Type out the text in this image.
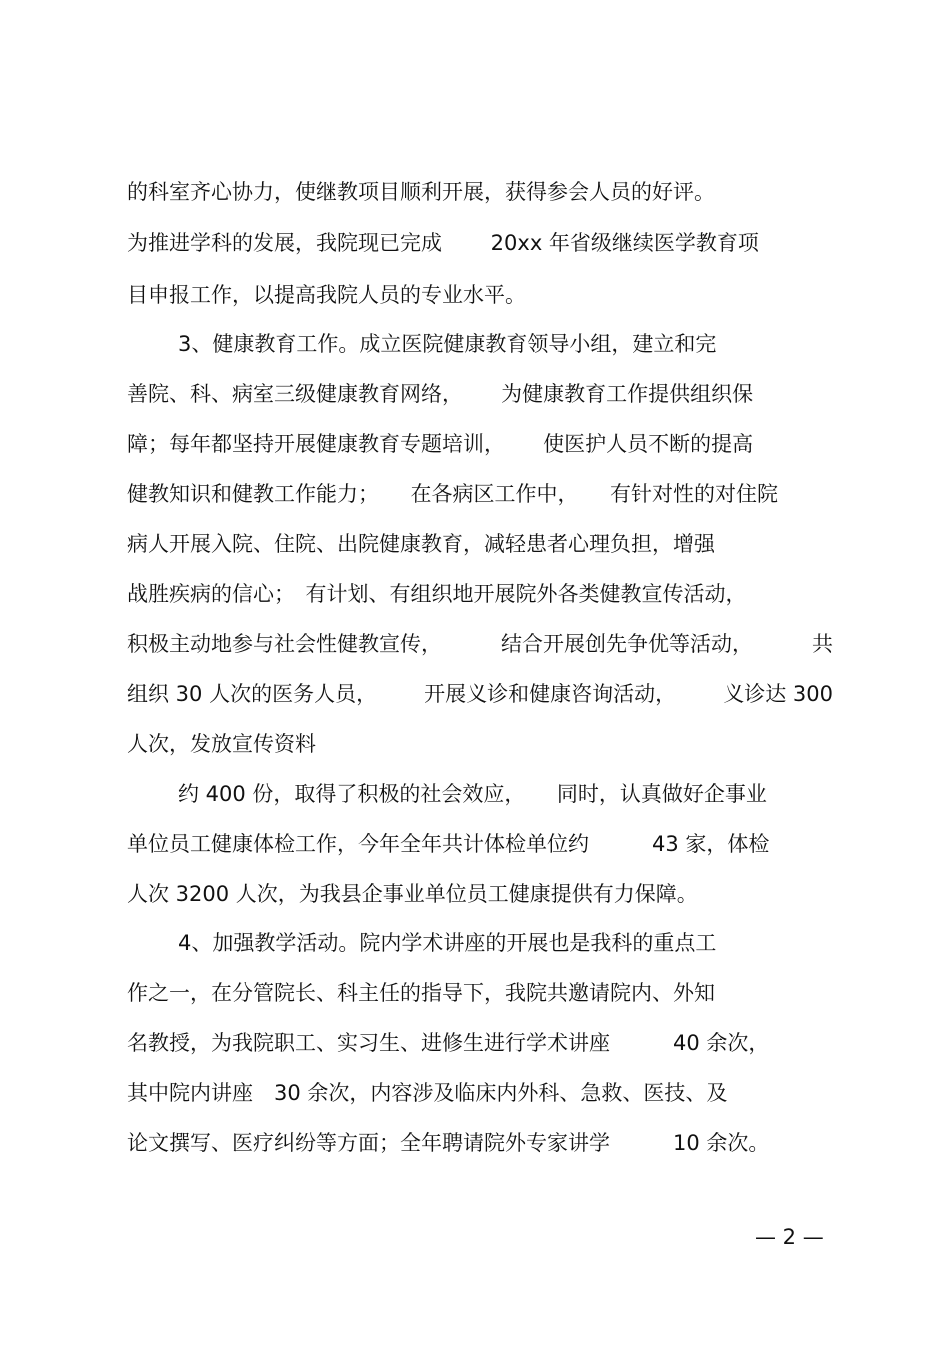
的科室齐心协力，使继教项目顺利开展，获得参会人员的好评。
为推进学科的发展，我院现已完成　　 20xx 年省级继续医学教育项
目申报工作，以提高我院人员的专业水平。
3、健康教育工作。成立医院健康教育领导小组，建立和完
善院、科、病室三级健康教育网络，　　 为健康教育工作提供组织保
障；每年都坚持开展健康教育专题培训，　　 使医护人员不断的提高
健教知识和健教工作能力；　　在各病区工作中，　　有针对性的对住院
病人开展入院、住院、出院健康教育，减轻患者心理负担，增强
战胜疾病的信心；　有计划、有组织地开展院外各类健教宣传活动，
积极主动地参与社会性健教宣传，	结合开展创先争优等活动，	共
组织 30 人次的医务人员， 开展义诊和健康咨询活动， 义诊达 300
人次，发放宣传资料
约 400 份，取得了积极的社会效应，　　同时，认真做好企事业
单位员工健康体检工作，今年全年共计体检单位约　　　43 家，体检
人次 3200 人次，为我县企事业单位员工健康提供有力保障。
4、加强教学活动。院内学术讲座的开展也是我科的重点工
作之一，在分管院长、科主任的指导下，我院共邀请院内、外知
名教授，为我院职工、实习生、进修生进行学术讲座　　　40 余次，
其中院内讲座　30 余次，内容涉及临床内外科、急救、医技、及
论文撰写、医疗纠纷等方面；全年聘请院外专家讲学　　　10 余次。
— 2 —
